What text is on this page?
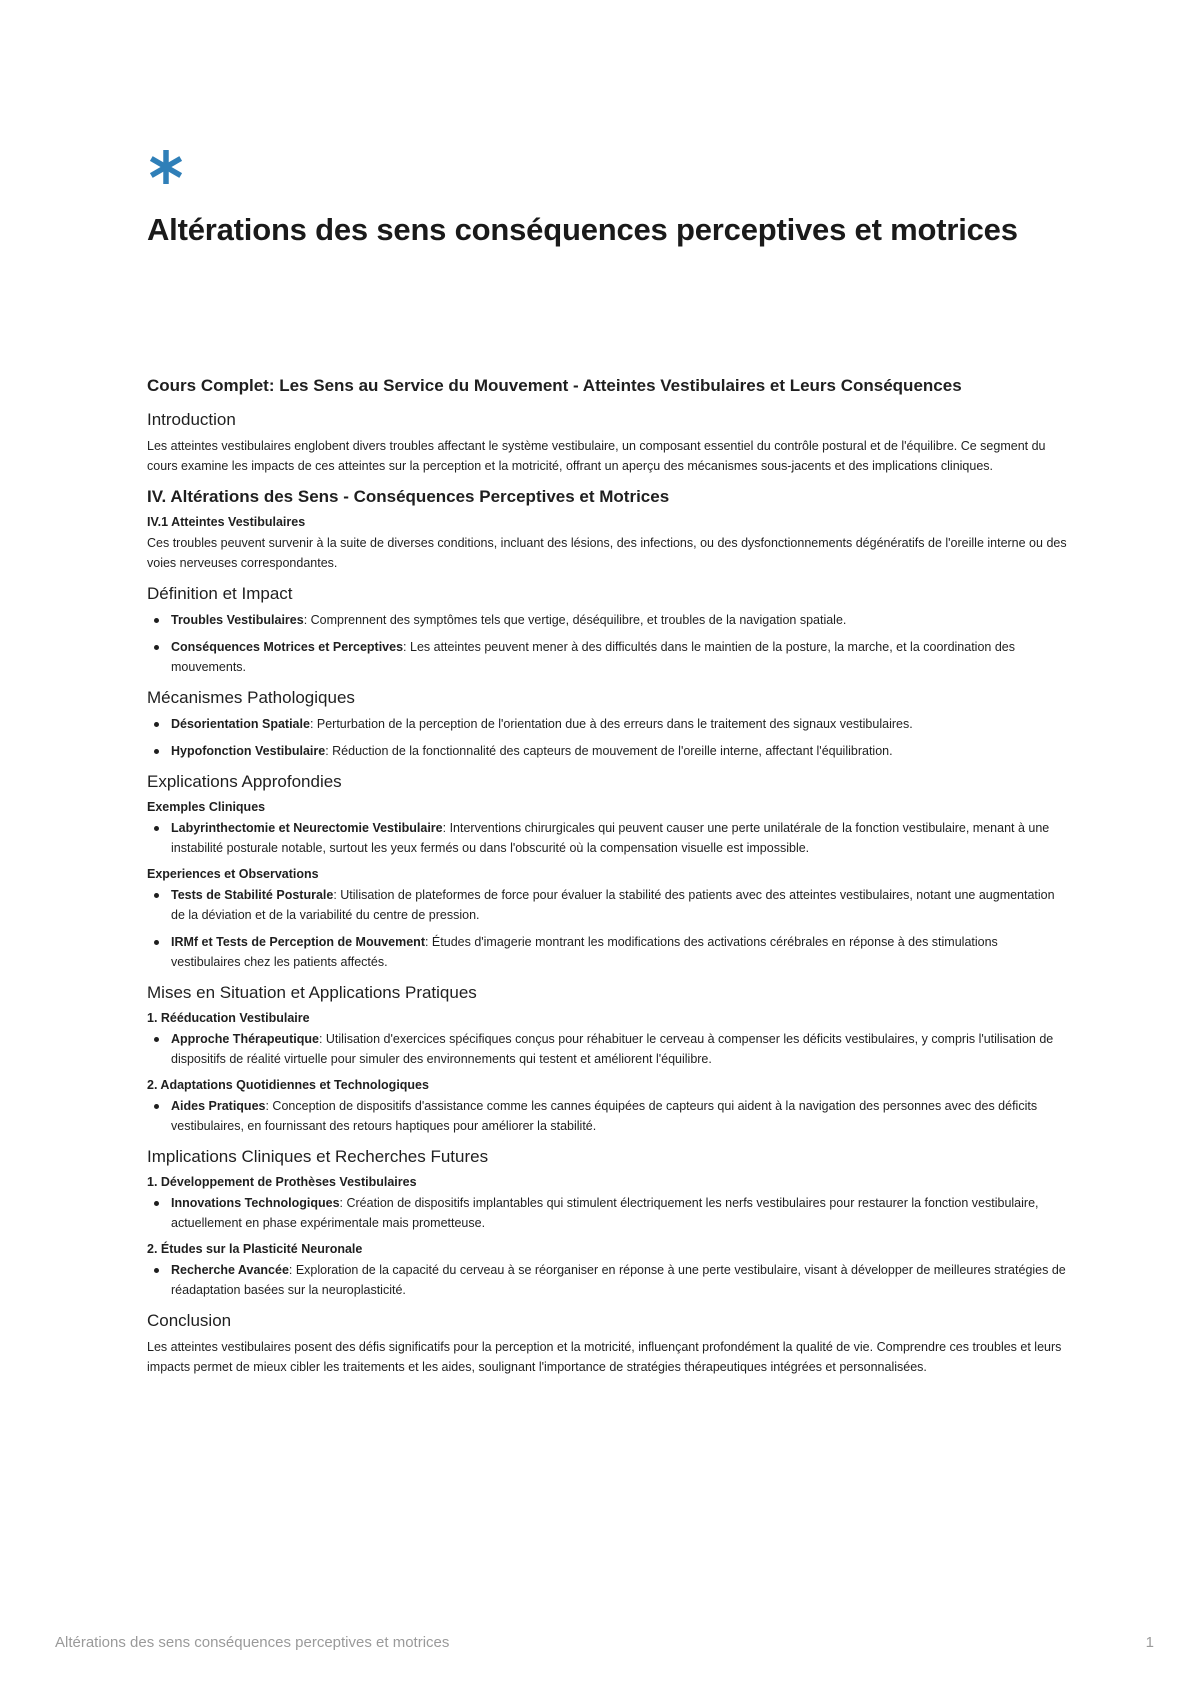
Altérations des sens conséquences perceptives et motrices
Cours Complet: Les Sens au Service du Mouvement - Atteintes Vestibulaires et Leurs Conséquences
Introduction

Les atteintes vestibulaires englobent divers troubles affectant le système vestibulaire, un composant essentiel du contrôle postural et de l'équilibre. Ce segment du cours examine les impacts de ces atteintes sur la perception et la motricité, offrant un aperçu des mécanismes sous-jacents et des implications cliniques.

IV. Altérations des Sens - Conséquences Perceptives et Motrices
IV.1 Atteintes Vestibulaires

Ces troubles peuvent survenir à la suite de diverses conditions, incluant des lésions, des infections, ou des dysfonctionnements dégénératifs de l'oreille interne ou des voies nerveuses correspondantes.

Définition et Impact
Troubles Vestibulaires: Comprennent des symptômes tels que vertige, déséquilibre, et troubles de la navigation spatiale.
Conséquences Motrices et Perceptives: Les atteintes peuvent mener à des difficultés dans le maintien de la posture, la marche, et la coordination des mouvements.
Mécanismes Pathologiques
Désorientation Spatiale: Perturbation de la perception de l'orientation due à des erreurs dans le traitement des signaux vestibulaires.
Hypofonction Vestibulaire: Réduction de la fonctionnalité des capteurs de mouvement de l'oreille interne, affectant l'équilibration.
Explications Approfondies
Exemples Cliniques
Labyrinthectomie et Neurectomie Vestibulaire: Interventions chirurgicales qui peuvent causer une perte unilatérale de la fonction vestibulaire, menant à une instabilité posturale notable, surtout les yeux fermés ou dans l'obscurité où la compensation visuelle est impossible.
Experiences et Observations
Tests de Stabilité Posturale: Utilisation de plateformes de force pour évaluer la stabilité des patients avec des atteintes vestibulaires, notant une augmentation de la déviation et de la variabilité du centre de pression.
IRMf et Tests de Perception de Mouvement: Études d'imagerie montrant les modifications des activations cérébrales en réponse à des stimulations vestibulaires chez les patients affectés.
Mises en Situation et Applications Pratiques
1. Rééducation Vestibulaire
Approche Thérapeutique: Utilisation d'exercices spécifiques conçus pour réhabituer le cerveau à compenser les déficits vestibulaires, y compris l'utilisation de dispositifs de réalité virtuelle pour simuler des environnements qui testent et améliorent l'équilibre.
2. Adaptations Quotidiennes et Technologiques
Aides Pratiques: Conception de dispositifs d'assistance comme les cannes équipées de capteurs qui aident à la navigation des personnes avec des déficits vestibulaires, en fournissant des retours haptiques pour améliorer la stabilité.
Implications Cliniques et Recherches Futures
1. Développement de Prothèses Vestibulaires
Innovations Technologiques: Création de dispositifs implantables qui stimulent électriquement les nerfs vestibulaires pour restaurer la fonction vestibulaire, actuellement en phase expérimentale mais prometteuse.
2. Études sur la Plasticité Neuronale
Recherche Avancée: Exploration de la capacité du cerveau à se réorganiser en réponse à une perte vestibulaire, visant à développer de meilleures stratégies de réadaptation basées sur la neuroplasticité.
Conclusion

Les atteintes vestibulaires posent des défis significatifs pour la perception et la motricité, influençant profondément la qualité de vie. Comprendre ces troubles et leurs impacts permet de mieux cibler les traitements et les aides, soulignant l'importance de stratégies thérapeutiques intégrées et personnalisées.

Altérations des sens conséquences perceptives et motrices	1
